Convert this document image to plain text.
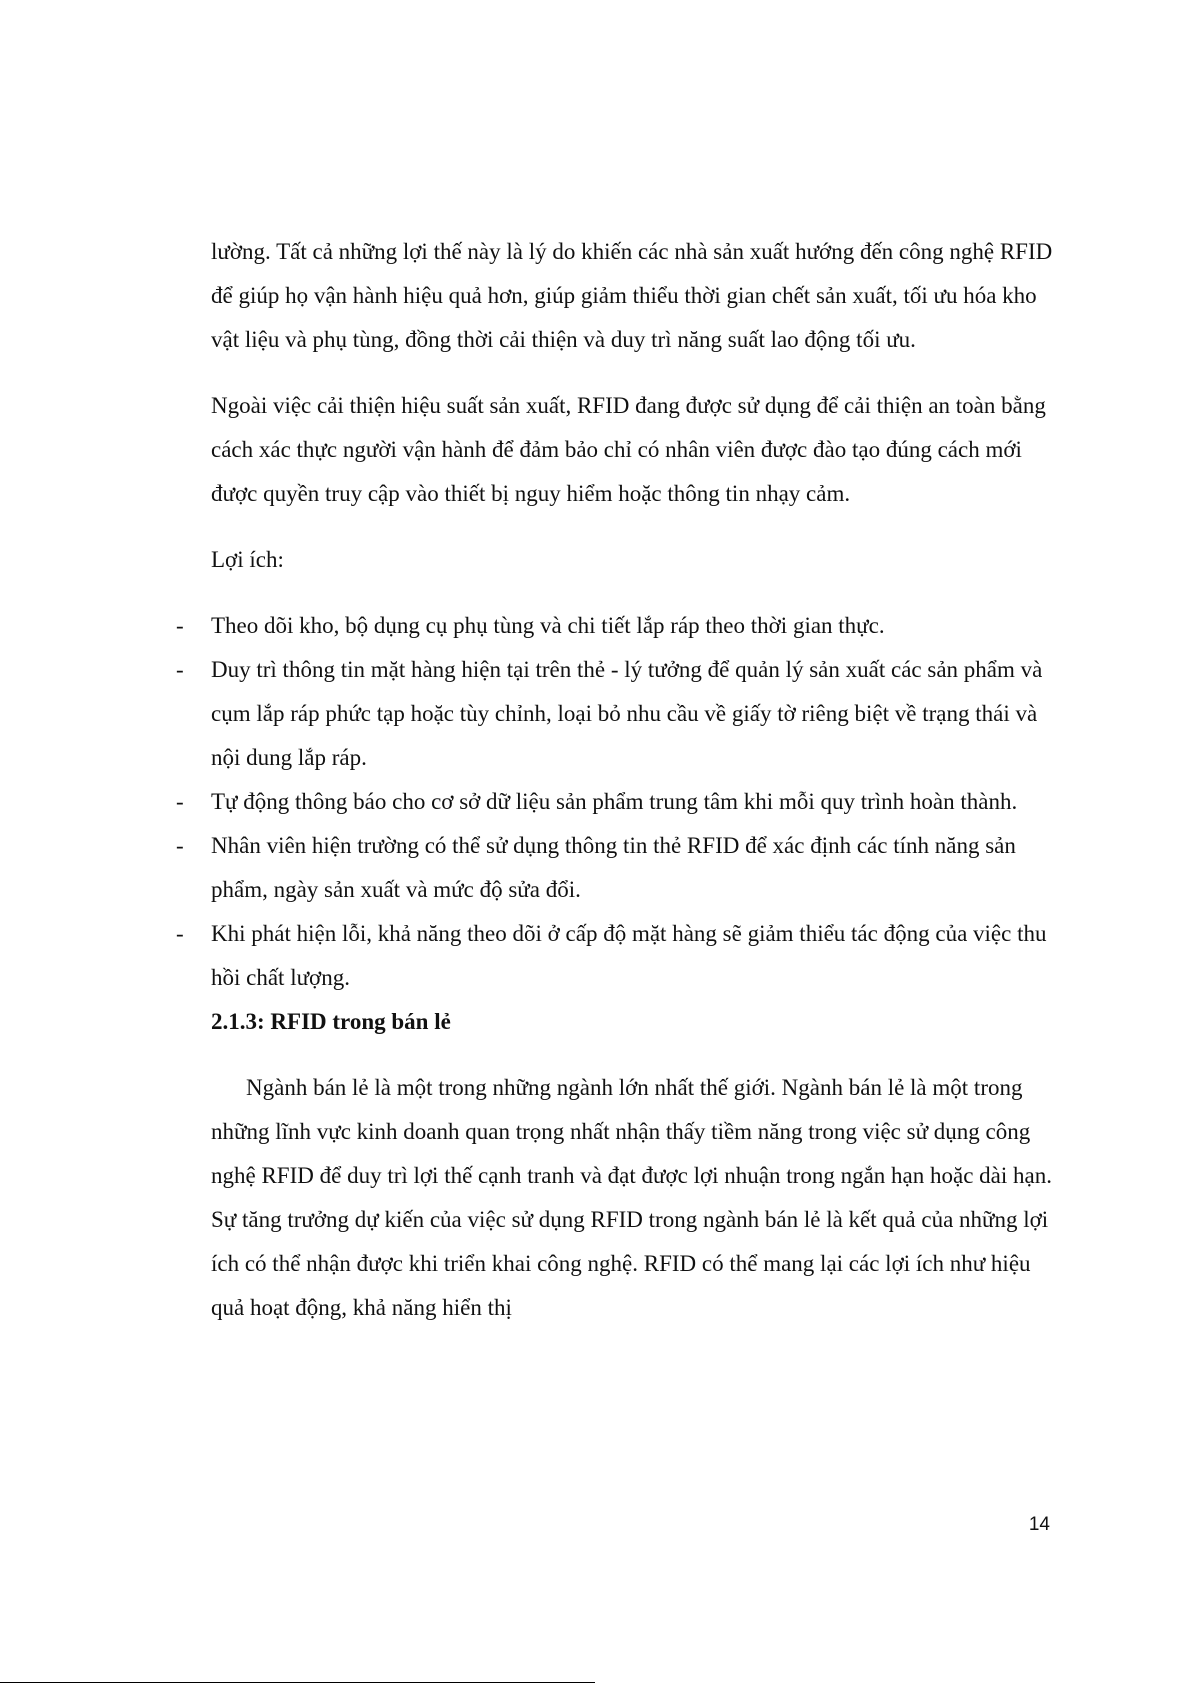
lường. Tất cả những lợi thế này là lý do khiến các nhà sản xuất hướng đến công nghệ RFID để giúp họ vận hành hiệu quả hơn, giúp giảm thiểu thời gian chết sản xuất, tối ưu hóa kho vật liệu và phụ tùng, đồng thời cải thiện và duy trì năng suất lao động tối ưu.

Ngoài việc cải thiện hiệu suất sản xuất, RFID đang được sử dụng để cải thiện an toàn bằng cách xác thực người vận hành để đảm bảo chỉ có nhân viên được đào tạo đúng cách mới được quyền truy cập vào thiết bị nguy hiểm hoặc thông tin nhạy cảm.

Lợi ích:

- Theo dõi kho, bộ dụng cụ phụ tùng và chi tiết lắp ráp theo thời gian thực.
- Duy trì thông tin mặt hàng hiện tại trên thẻ - lý tưởng để quản lý sản xuất các sản phẩm và cụm lắp ráp phức tạp hoặc tùy chỉnh, loại bỏ nhu cầu về giấy tờ riêng biệt về trạng thái và nội dung lắp ráp.
- Tự động thông báo cho cơ sở dữ liệu sản phẩm trung tâm khi mỗi quy trình hoàn thành.
- Nhân viên hiện trường có thể sử dụng thông tin thẻ RFID để xác định các tính năng sản phẩm, ngày sản xuất và mức độ sửa đổi.
- Khi phát hiện lỗi, khả năng theo dõi ở cấp độ mặt hàng sẽ giảm thiểu tác động của việc thu hồi chất lượng.
2.1.3: RFID trong bán lẻ

Ngành bán lẻ là một trong những ngành lớn nhất thế giới. Ngành bán lẻ là một trong những lĩnh vực kinh doanh quan trọng nhất nhận thấy tiềm năng trong việc sử dụng công nghệ RFID để duy trì lợi thế cạnh tranh và đạt được lợi nhuận trong ngắn hạn hoặc dài hạn. Sự tăng trưởng dự kiến của việc sử dụng RFID trong ngành bán lẻ là kết quả của những lợi ích có thể nhận được khi triển khai công nghệ. RFID có thể mang lại các lợi ích như hiệu quả hoạt động, khả năng hiển thị

14
